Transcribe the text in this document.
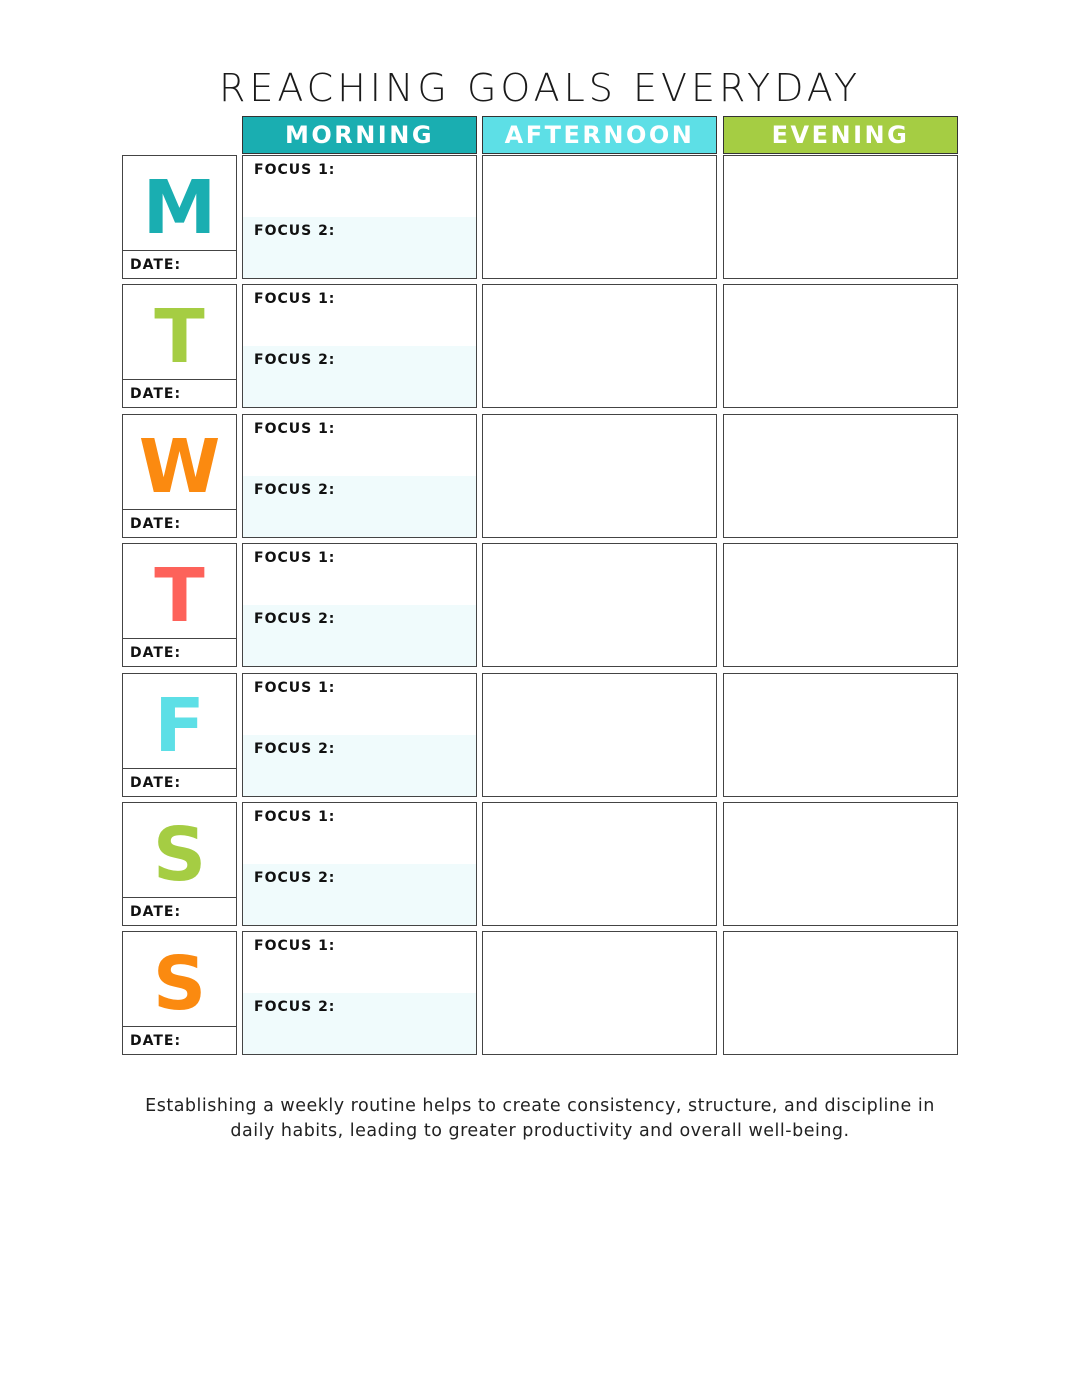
REACHING GOALS EVERYDAY
MORNING	AFTERNOON	EVENING
M
DATE:
FOCUS 1:
FOCUS 2:
T
DATE:
FOCUS 1:
FOCUS 2:
W
DATE:
FOCUS 1:
FOCUS 2:
T
DATE:
FOCUS 1:
FOCUS 2:
F
DATE:
FOCUS 1:
FOCUS 2:
S
DATE:
FOCUS 1:
FOCUS 2:
S
DATE:
FOCUS 1:
FOCUS 2:
Establishing a weekly routine helps to create consistency, structure, and discipline in daily habits, leading to greater productivity and overall well-being.
